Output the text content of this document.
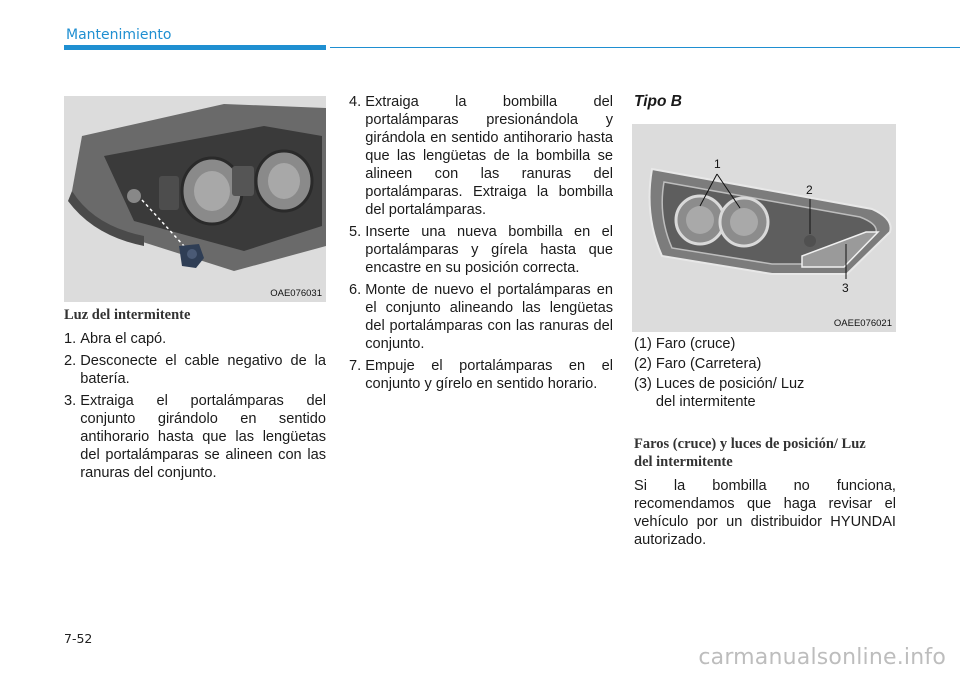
Mantenimiento
OAE076031
Luz del intermitente
1. Abra el capó.
2. Desconecte el cable negativo de la batería.
3. Extraiga el portalámparas del conjunto girándolo en sentido antihorario hasta que las lengüetas del portalámparas se alineen con las ranuras del conjunto.
4. Extraiga la bombilla del portalámparas presionándola y girándola en sentido antihorario hasta que las lengüetas de la bombilla se alineen con las ranuras del portalámparas. Extraiga la bombilla del portalámparas.
5. Inserte una nueva bombilla en el portalámparas y gírela hasta que encastre en su posición correcta.
6. Monte de nuevo el portalámparas en el conjunto alineando las lengüetas del portalámparas con las ranuras del conjunto.
7. Empuje el portalámparas en el conjunto y gírelo en sentido horario.
Tipo B
1
2
3
OAEE076021
(1) Faro (cruce)
(2) Faro (Carretera)
(3) Luces de posición/ Luz del intermitente
Faros (cruce) y luces de posición/ Luz del intermitente

Si la bombilla no funciona, recomendamos que haga revisar el vehículo por un distribuidor HYUNDAI autorizado.

7-52
carmanualsonline.info
